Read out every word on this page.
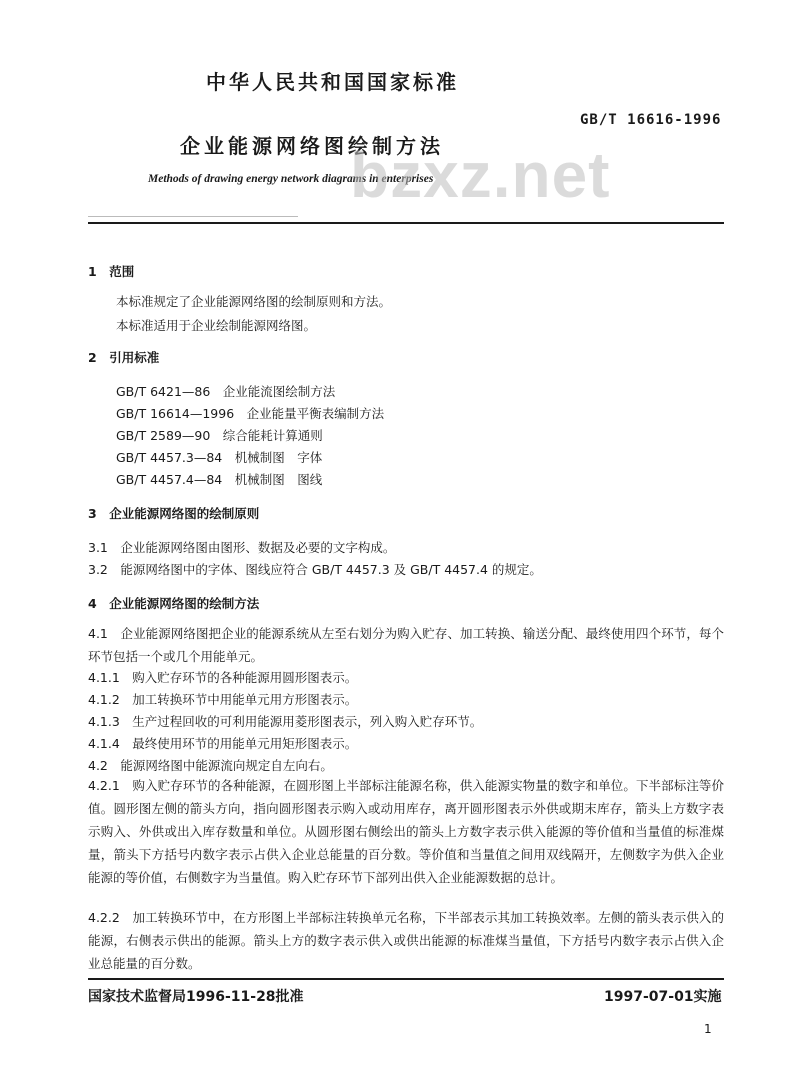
中华人民共和国国家标准
GB/T 16616-1996
企业能源网络图绘制方法
Methods of drawing energy network diagrams in enterprises
bzxz.net
1　范围
本标准规定了企业能源网络图的绘制原则和方法。
本标准适用于企业绘制能源网络图。
2　引用标准
GB/T 6421—86　企业能流图绘制方法
GB/T 16614—1996　企业能量平衡表编制方法
GB/T 2589—90　综合能耗计算通则
GB/T 4457.3—84　机械制图　字体
GB/T 4457.4—84　机械制图　图线
3　企业能源网络图的绘制原则
3.1　企业能源网络图由图形、数据及必要的文字构成。
3.2　能源网络图中的字体、图线应符合 GB/T 4457.3 及 GB/T 4457.4 的规定。
4　企业能源网络图的绘制方法
4.1　企业能源网络图把企业的能源系统从左至右划分为购入贮存、加工转换、输送分配、最终使用四个环节，每个环节包括一个或几个用能单元。
4.1.1　购入贮存环节的各种能源用圆形图表示。
4.1.2　加工转换环节中用能单元用方形图表示。
4.1.3　生产过程回收的可利用能源用菱形图表示，列入购入贮存环节。
4.1.4　最终使用环节的用能单元用矩形图表示。
4.2　能源网络图中能源流向规定自左向右。
4.2.1　购入贮存环节的各种能源，在圆形图上半部标注能源名称，供入能源实物量的数字和单位。下半部标注等价值。圆形图左侧的箭头方向，指向圆形图表示购入或动用库存，离开圆形图表示外供或期末库存，箭头上方数字表示购入、外供或出入库存数量和单位。从圆形图右侧绘出的箭头上方数字表示供入能源的等价值和当量值的标准煤量，箭头下方括号内数字表示占供入企业总能量的百分数。等价值和当量值之间用双线隔开，左侧数字为供入企业能源的等价值，右侧数字为当量值。购入贮存环节下部列出供入企业能源数据的总计。
4.2.2　加工转换环节中，在方形图上半部标注转换单元名称，下半部表示其加工转换效率。左侧的箭头表示供入的能源，右侧表示供出的能源。箭头上方的数字表示供入或供出能源的标准煤当量值，下方括号内数字表示占供入企业总能量的百分数。
国家技术监督局1996-11-28批准	1997-07-01实施
1
